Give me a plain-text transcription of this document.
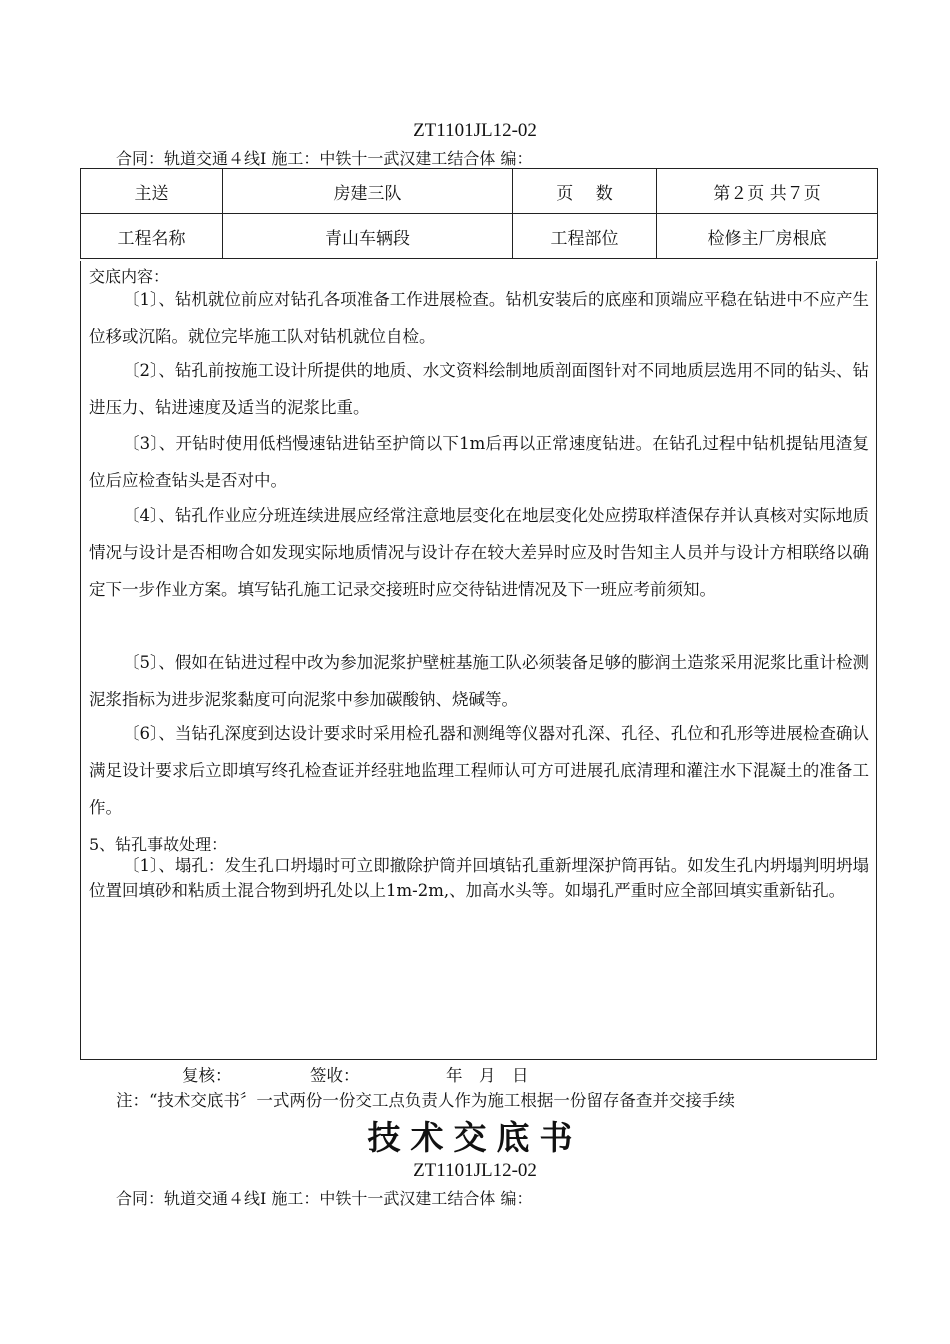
ZT1101JL12-02
合同：轨道交通４线Ⅰ 施工：中铁十一武汉建工结合体 编：
主送	房建三队	页　 数	第２页 共７页
工程名称	青山车辆段	工程部位	检修主厂房根底
交底内容：

〔1〕、钻机就位前应对钻孔各项准备工作进展检查。钻机安装后的底座和顶端应平稳在钻进中不应产生位移或沉陷。就位完毕施工队对钻机就位自检。

〔2〕、钻孔前按施工设计所提供的地质、水文资料绘制地质剖面图针对不同地质层选用不同的钻头、钻进压力、钻进速度及适当的泥浆比重。

〔3〕、开钻时使用低档慢速钻进钻至护筒以下1m后再以正常速度钻进。在钻孔过程中钻机提钻甩渣复位后应检查钻头是否对中。

〔4〕、钻孔作业应分班连续进展应经常注意地层变化在地层变化处应捞取样渣保存并认真核对实际地质情况与设计是否相吻合如发现实际地质情况与设计存在较大差异时应及时告知主人员并与设计方相联络以确定下一步作业方案。填写钻孔施工记录交接班时应交待钻进情况及下一班应考前须知。

〔5〕、假如在钻进过程中改为参加泥浆护壁桩基施工队必须装备足够的膨润土造浆采用泥浆比重计检测泥浆指标为进步泥浆黏度可向泥浆中参加碳酸钠、烧碱等。

〔6〕、当钻孔深度到达设计要求时采用检孔器和测绳等仪器对孔深、孔径、孔位和孔形等进展检查确认满足设计要求后立即填写终孔检查证并经驻地监理工程师认可方可进展孔底清理和灌注水下混凝土的准备工作。

5、钻孔事故处理：

〔1〕、塌孔：发生孔口坍塌时可立即撤除护筒并回填钻孔重新埋深护筒再钻。如发生孔内坍塌判明坍塌位置回填砂和粘质土混合物到坍孔处以上1m-2m,、加高水头等。如塌孔严重时应全部回填实重新钻孔。

复核：	签收：	年　月　日
注：“技术交底书〞一式两份一份交工点负责人作为施工根据一份留存备查并交接手续
技术交底书
ZT1101JL12-02
合同：轨道交通４线Ⅰ 施工：中铁十一武汉建工结合体 编：
